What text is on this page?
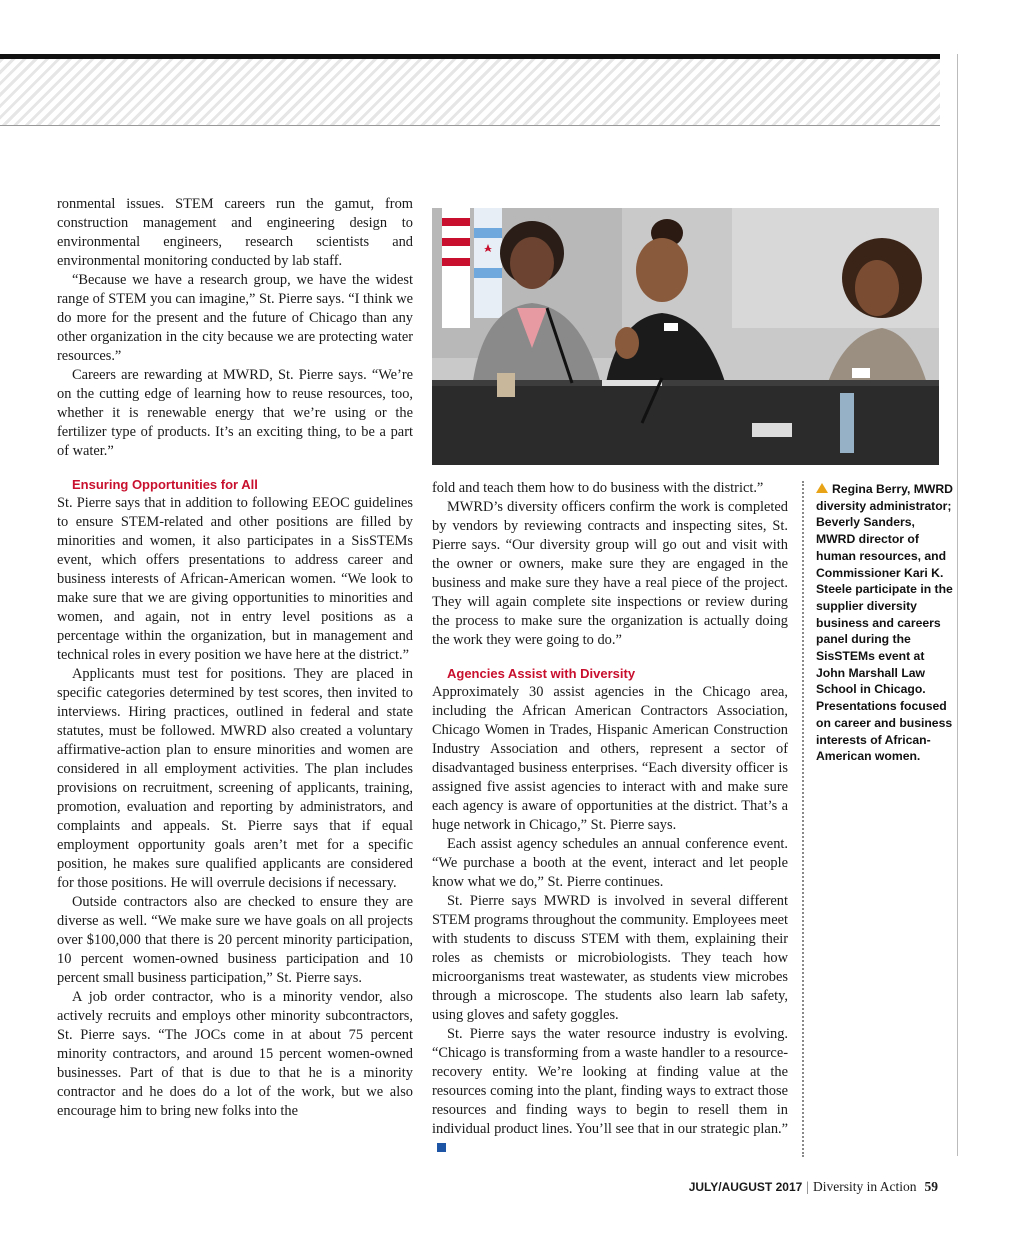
ronmental issues. STEM careers run the gamut, from construction management and engineering design to environmental engineers, research scientists and environmental monitoring conducted by lab staff.

“Because we have a research group, we have the widest range of STEM you can imagine,” St. Pierre says. “I think we do more for the present and the future of Chicago than any other organization in the city because we are protecting water resources.”

Careers are rewarding at MWRD, St. Pierre says. “We’re on the cutting edge of learning how to reuse resources, too, whether it is renewable energy that we’re using or the fertilizer type of products. It’s an exciting thing, to be a part of water.”

Ensuring Opportunities for All

St. Pierre says that in addition to following EEOC guidelines to ensure STEM-related and other positions are filled by minorities and women, it also participates in a SisSTEMs event, which offers presentations to address career and business interests of African-American women. “We look to make sure that we are giving opportunities to minorities and women, and again, not in entry level positions as a percentage within the organization, but in management and technical roles in every position we have here at the district.”

Applicants must test for positions. They are placed in specific categories determined by test scores, then invited to interviews. Hiring practices, outlined in federal and state statutes, must be followed. MWRD also created a voluntary affirmative-action plan to ensure minorities and women are considered in all employment activities. The plan includes provisions on recruitment, screening of applicants, training, promotion, evaluation and reporting by administrators, and complaints and appeals. St. Pierre says that if equal employment opportunity goals aren’t met for a specific position, he makes sure qualified applicants are considered for those positions. He will overrule decisions if necessary.

Outside contractors also are checked to ensure they are diverse as well. “We make sure we have goals on all projects over $100,000 that there is 20 percent minority participation, 10 percent women-owned business participation and 10 percent small business participation,” St. Pierre says.

A job order contractor, who is a minority vendor, also actively recruits and employs other minority subcontractors, St. Pierre says. “The JOCs come in at about 75 percent minority contractors, and around 15 percent women-owned businesses. Part of that is due to that he is a minority contractor and he does do a lot of the work, but we also encourage him to bring new folks into the

fold and teach them how to do business with the district.”

MWRD’s diversity officers confirm the work is completed by vendors by reviewing contracts and inspecting sites, St. Pierre says. “Our diversity group will go out and visit with the owner or owners, make sure they are engaged in the business and make sure they have a real piece of the project. They will again complete site inspections or review during the process to make sure the organization is actually doing the work they were going to do.”

Agencies Assist with Diversity

Approximately 30 assist agencies in the Chicago area, including the African American Contractors Association, Chicago Women in Trades, Hispanic American Construction Industry Association and others, represent a sector of disadvantaged business enterprises. “Each diversity officer is assigned five assist agencies to interact with and make sure each agency is aware of opportunities at the district. That’s a huge network in Chicago,” St. Pierre says.

Each assist agency schedules an annual conference event. “We purchase a booth at the event, interact and let people know what we do,” St. Pierre continues.

St. Pierre says MWRD is involved in several different STEM programs throughout the community. Employees meet with students to discuss STEM with them, explaining their roles as chemists or microbiologists. They teach how microorganisms treat wastewater, as students view microbes through a microscope. The students also learn lab safety, using gloves and safety goggles.

St. Pierre says the water resource industry is evolving. “Chicago is transforming from a waste handler to a resource-recovery entity. We’re looking at finding value at the resources coming into the plant, finding ways to extract those resources and finding ways to begin to resell them in individual product lines. You’ll see that in our strategic plan.”

Regina Berry, MWRD diversity administrator; Beverly Sanders, MWRD director of human resources, and Commissioner Kari K. Steele participate in the supplier diversity business and careers panel during the SisSTEMs event at John Marshall Law School in Chicago. Presentations focused on career and business interests of African-American women.
JULY/AUGUST 2017 | Diversity in Action 59
